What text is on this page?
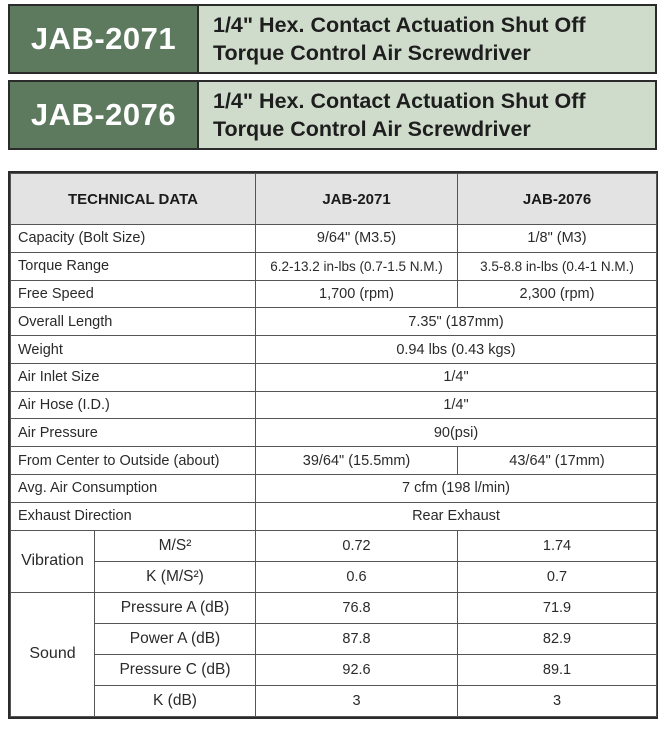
JAB-2071	1/4" Hex. Contact Actuation Shut Off
Torque Control Air Screwdriver
JAB-2076	1/4" Hex. Contact Actuation Shut Off
Torque Control Air Screwdriver
TECHNICAL DATA		JAB-2071	JAB-2076
Capacity (Bolt Size)		9/64" (M3.5)	1/8" (M3)
Torque Range		6.2-13.2 in-lbs (0.7-1.5 N.M.)	3.5-8.8 in-lbs (0.4-1 N.M.)
Free Speed		1,700 (rpm)	2,300 (rpm)
Overall Length		7.35" (187mm)	
Weight		0.94 lbs (0.43 kgs)	
Air Inlet Size		1/4"	
Air Hose (I.D.)		1/4"	
Air Pressure		90(psi)	
From Center to Outside (about)		39/64" (15.5mm)	43/64" (17mm)
Avg. Air Consumption		7 cfm (198 l/min)	
Exhaust Direction		Rear Exhaust	
Vibration	M/S²	0.72	1.74
	K (M/S²)	0.6	0.7
Sound	Pressure A (dB)	76.8	71.9
	Power A (dB)	87.8	82.9
	Pressure C (dB)	92.6	89.1
	K (dB)	3	3
